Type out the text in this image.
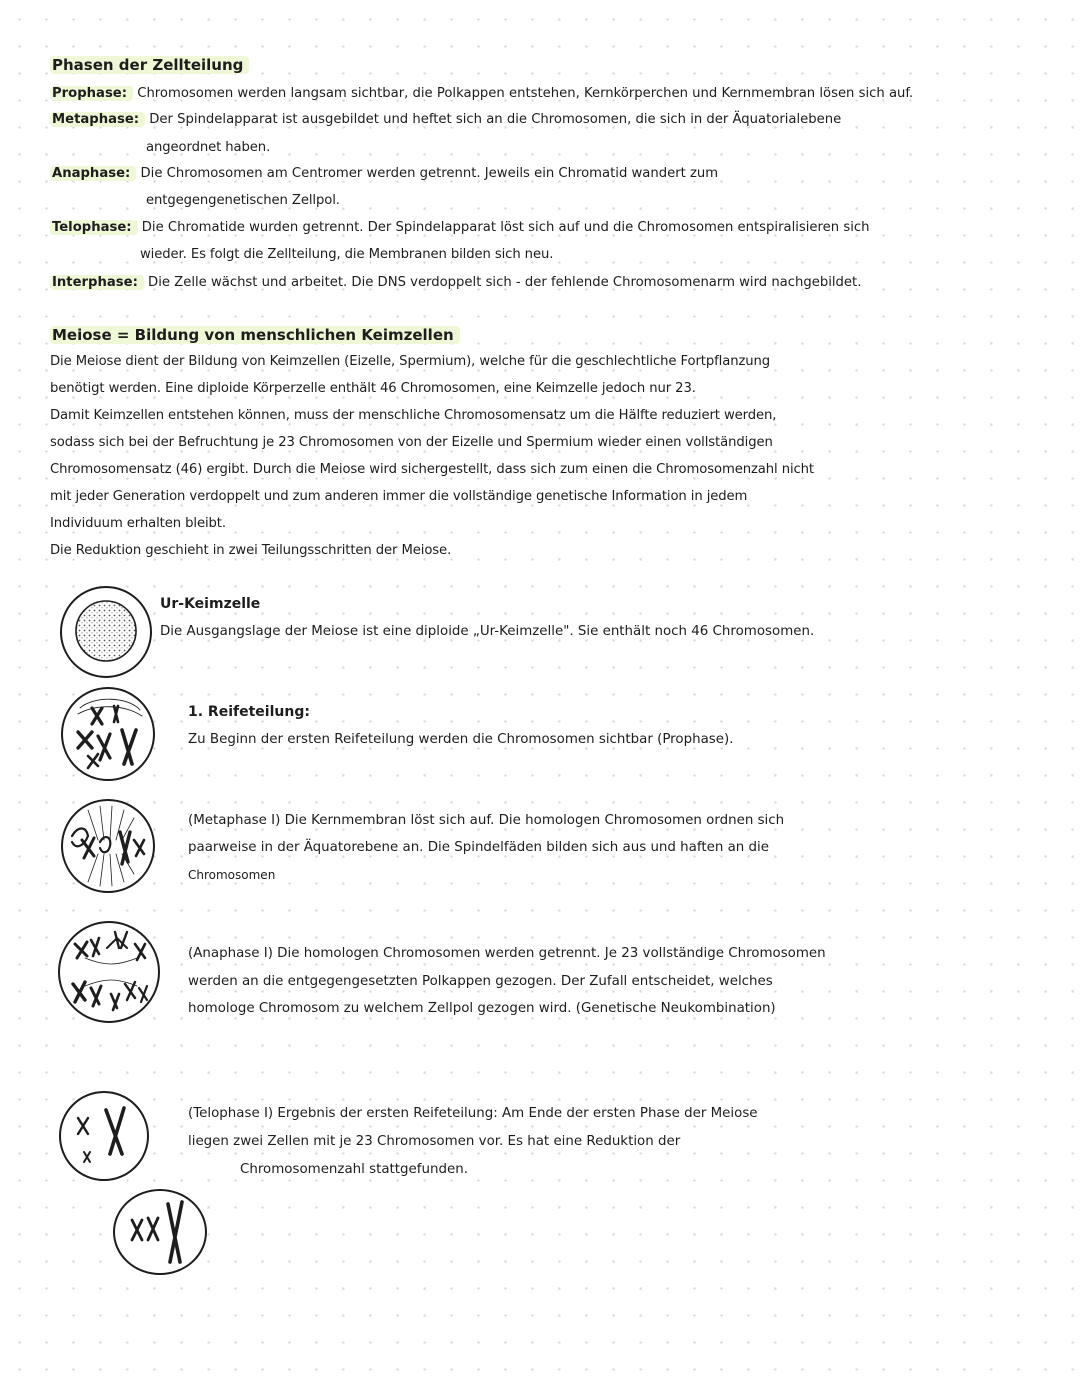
Phasen der Zellteilung
Prophase: Chromosomen werden langsam sichtbar, die Polkappen entstehen, Kernkörperchen und Kernmembran lösen sich auf.
Metaphase: Der Spindelapparat ist ausgebildet und heftet sich an die Chromosomen, die sich in der Äquatorialebene
angeordnet haben.
Anaphase: Die Chromosomen am Centromer werden getrennt. Jeweils ein Chromatid wandert zum
entgegengenetischen Zellpol.
Telophase: Die Chromatide wurden getrennt. Der Spindelapparat löst sich auf und die Chromosomen entspiralisieren sich
wieder. Es folgt die Zellteilung, die Membranen bilden sich neu.
Interphase: Die Zelle wächst und arbeitet. Die DNS verdoppelt sich - der fehlende Chromosomenarm wird nachgebildet.
Meiose = Bildung von menschlichen Keimzellen
Die Meiose dient der Bildung von Keimzellen (Eizelle, Spermium), welche für die geschlechtliche Fortpflanzung
benötigt werden. Eine diploide Körperzelle enthält 46 Chromosomen, eine Keimzelle jedoch nur 23.
Damit Keimzellen entstehen können, muss der menschliche Chromosomensatz um die Hälfte reduziert werden,
sodass sich bei der Befruchtung je 23 Chromosomen von der Eizelle und Spermium wieder einen vollständigen
Chromosomensatz (46) ergibt. Durch die Meiose wird sichergestellt, dass sich zum einen die Chromosomenzahl nicht
mit jeder Generation verdoppelt und zum anderen immer die vollständige genetische Information in jedem
Individuum erhalten bleibt.
Die Reduktion geschieht in zwei Teilungsschritten der Meiose.
Ur-Keimzelle
Die Ausgangslage der Meiose ist eine diploide „Ur-Keimzelle". Sie enthält noch 46 Chromosomen.
1. Reifeteilung:
Zu Beginn der ersten Reifeteilung werden die Chromosomen sichtbar (Prophase).
(Metaphase I) Die Kernmembran löst sich auf. Die homologen Chromosomen ordnen sich
paarweise in der Äquatorebene an. Die Spindelfäden bilden sich aus und haften an die
Chromosomen
(Anaphase I) Die homologen Chromosomen werden getrennt. Je 23 vollständige Chromosomen
werden an die entgegengesetzten Polkappen gezogen. Der Zufall entscheidet, welches
homologe Chromosom zu welchem Zellpol gezogen wird. (Genetische Neukombination)
(Telophase I) Ergebnis der ersten Reifeteilung: Am Ende der ersten Phase der Meiose
liegen zwei Zellen mit je 23 Chromosomen vor. Es hat eine Reduktion der
Chromosomenzahl stattgefunden.
